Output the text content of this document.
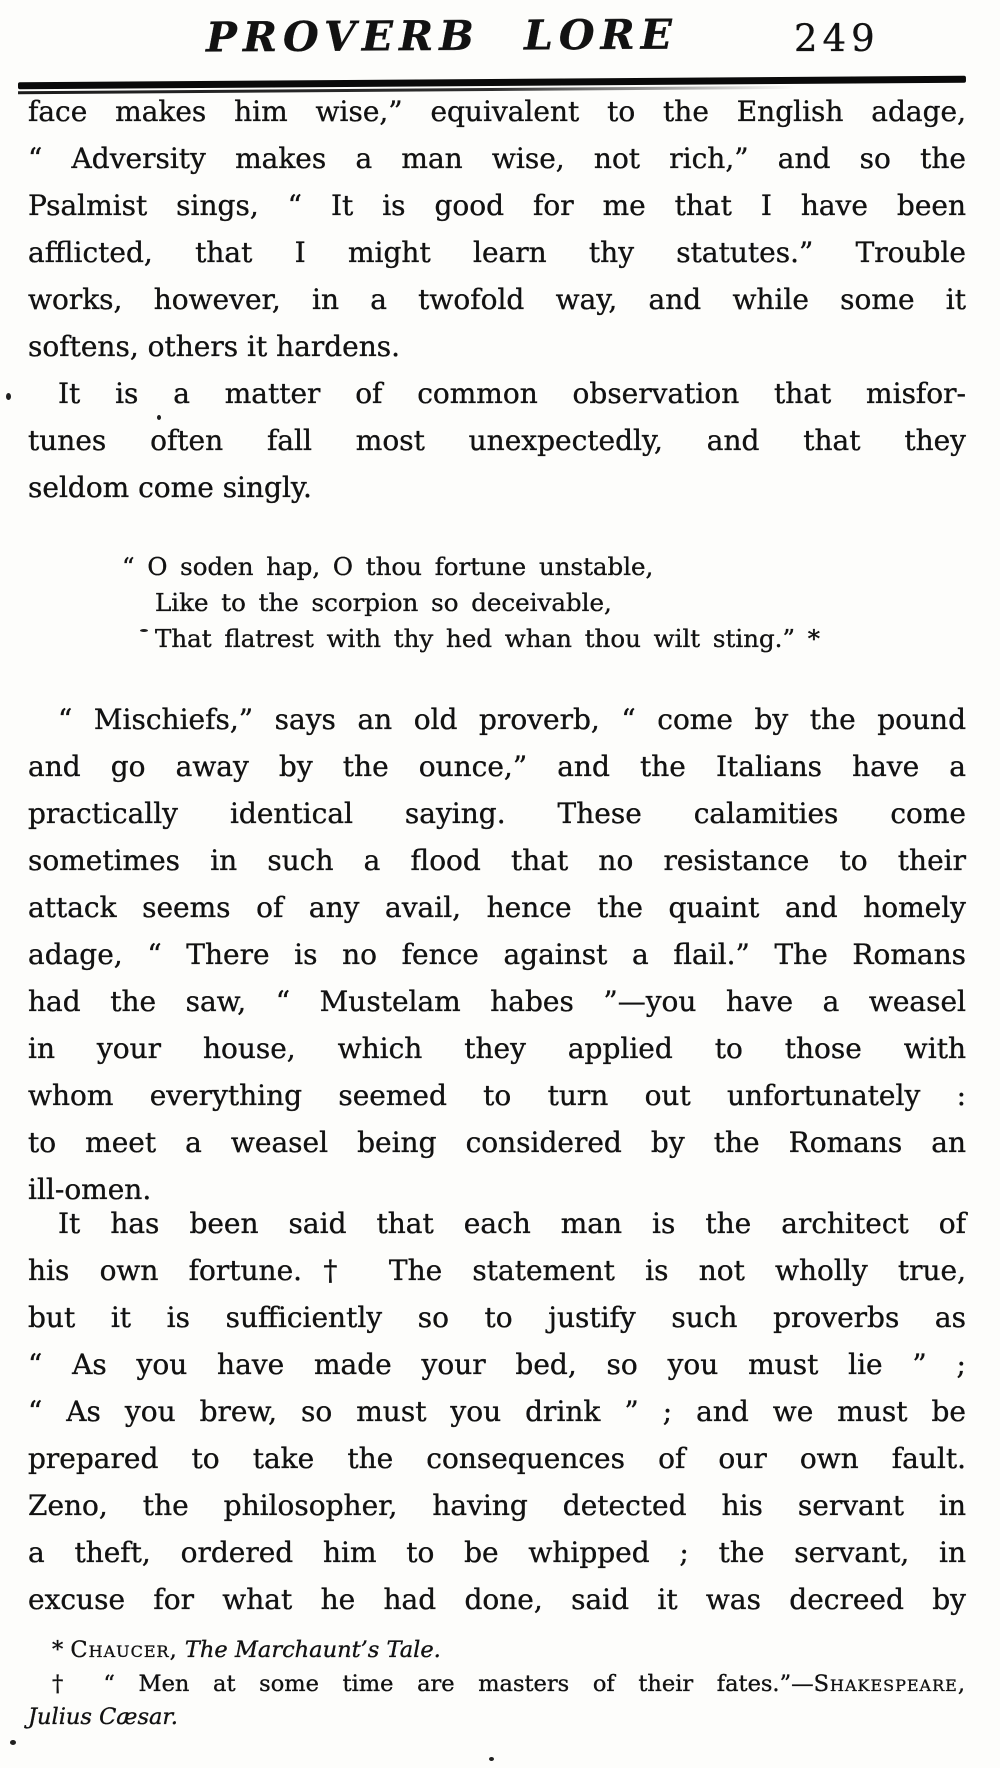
PROVERB LORE	249
face makes him wise,” equivalent to the English adage,
“ Adversity makes a man wise, not rich,” and so the
Psalmist sings, “ It is good for me that I have been
afflicted, that I might learn thy statutes.” Trouble
works, however, in a twofold way, and while some it
softens, others it hardens.
It is a matter of common observation that misfor-
tunes often fall most unexpectedly, and that they
seldom come singly.
“ O soden hap, O thou fortune unstable,
Like to the scorpion so deceivable,
That flatrest with thy hed whan thou wilt sting.” *
“ Mischiefs,” says an old proverb, “ come by the pound
and go away by the ounce,” and the Italians have a
practically identical saying. These calamities come
sometimes in such a flood that no resistance to their
attack seems of any avail, hence the quaint and homely
adage, “ There is no fence against a flail.” The Romans
had the saw, “ Mustelam habes ”—you have a weasel
in your house, which they applied to those with
whom everything seemed to turn out unfortunately :
to meet a weasel being considered by the Romans an
ill-omen.
It has been said that each man is the architect of
his own fortune.† The statement is not wholly true,
but it is sufficiently so to justify such proverbs as
“ As you have made your bed, so you must lie ” ;
“ As you brew, so must you drink ” ; and we must be
prepared to take the consequences of our own fault.
Zeno, the philosopher, having detected his servant in
a theft, ordered him to be whipped ; the servant, in
excuse for what he had done, said it was decreed by
* Chaucer, The Marchaunt’s Tale.
† “ Men at some time are masters of their fates.”—Shakespeare,
Julius Cæsar.
